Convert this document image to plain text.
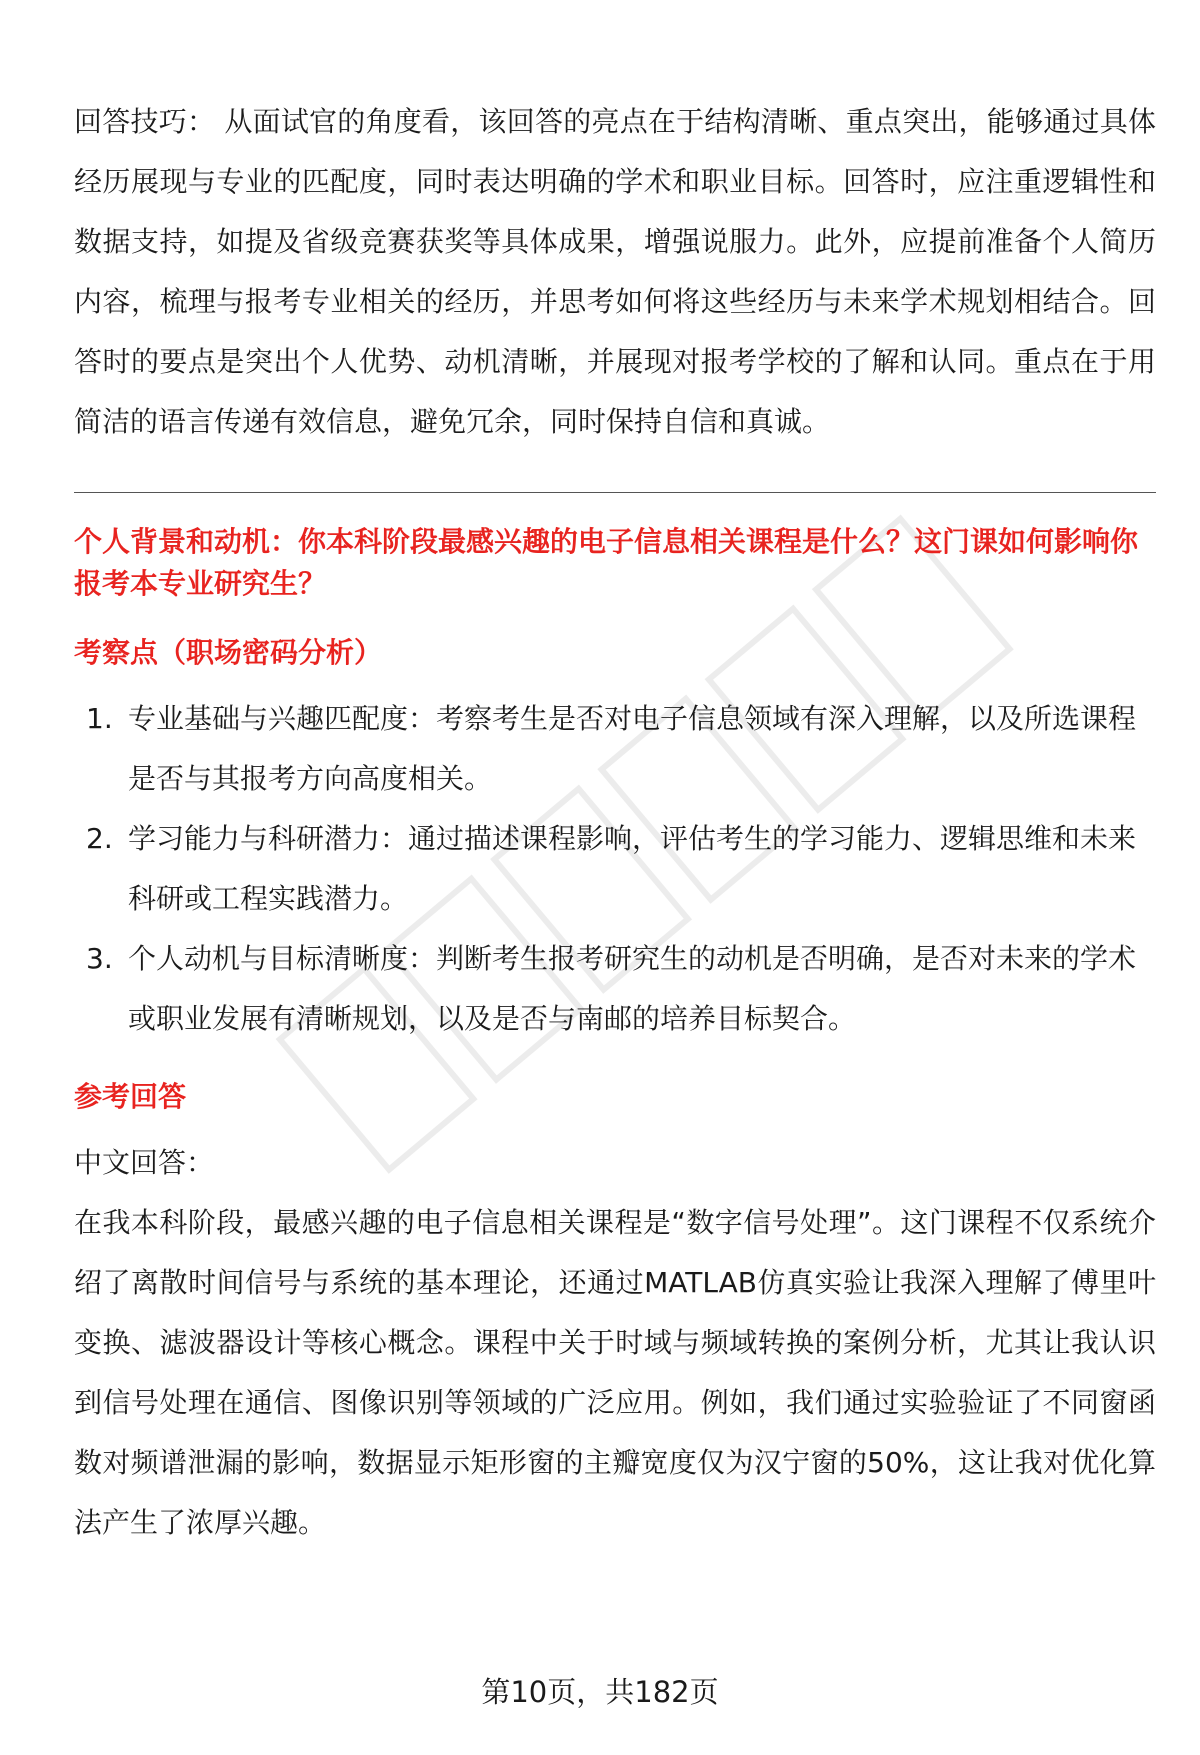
回答技巧： 从面试官的角度看，该回答的亮点在于结构清晰、重点突出，能够通过具体经历展现与专业的匹配度，同时表达明确的学术和职业目标。回答时，应注重逻辑性和数据支持，如提及省级竞赛获奖等具体成果，增强说服力。此外，应提前准备个人简历内容，梳理与报考专业相关的经历，并思考如何将这些经历与未来学术规划相结合。回答时的要点是突出个人优势、动机清晰，并展现对报考学校的了解和认同。重点在于用简洁的语言传递有效信息，避免冗余，同时保持自信和真诚。

个人背景和动机：你本科阶段最感兴趣的电子信息相关课程是什么？这门课如何影响你报考本专业研究生？

考察点（职场密码分析）

1. 专业基础与兴趣匹配度：考察考生是否对电子信息领域有深入理解，以及所选课程是否与其报考方向高度相关。
2. 学习能力与科研潜力：通过描述课程影响，评估考生的学习能力、逻辑思维和未来科研或工程实践潜力。
3. 个人动机与目标清晰度：判断考生报考研究生的动机是否明确，是否对未来的学术或职业发展有清晰规划，以及是否与南邮的培养目标契合。

参考回答

中文回答：

在我本科阶段，最感兴趣的电子信息相关课程是“数字信号处理”。这门课程不仅系统介绍了离散时间信号与系统的基本理论，还通过MATLAB仿真实验让我深入理解了傅里叶变换、滤波器设计等核心概念。课程中关于时域与频域转换的案例分析，尤其让我认识到信号处理在通信、图像识别等领域的广泛应用。例如，我们通过实验验证了不同窗函数对频谱泄漏的影响，数据显示矩形窗的主瓣宽度仅为汉宁窗的50%，这让我对优化算法产生了浓厚兴趣。

第10页，共182页
